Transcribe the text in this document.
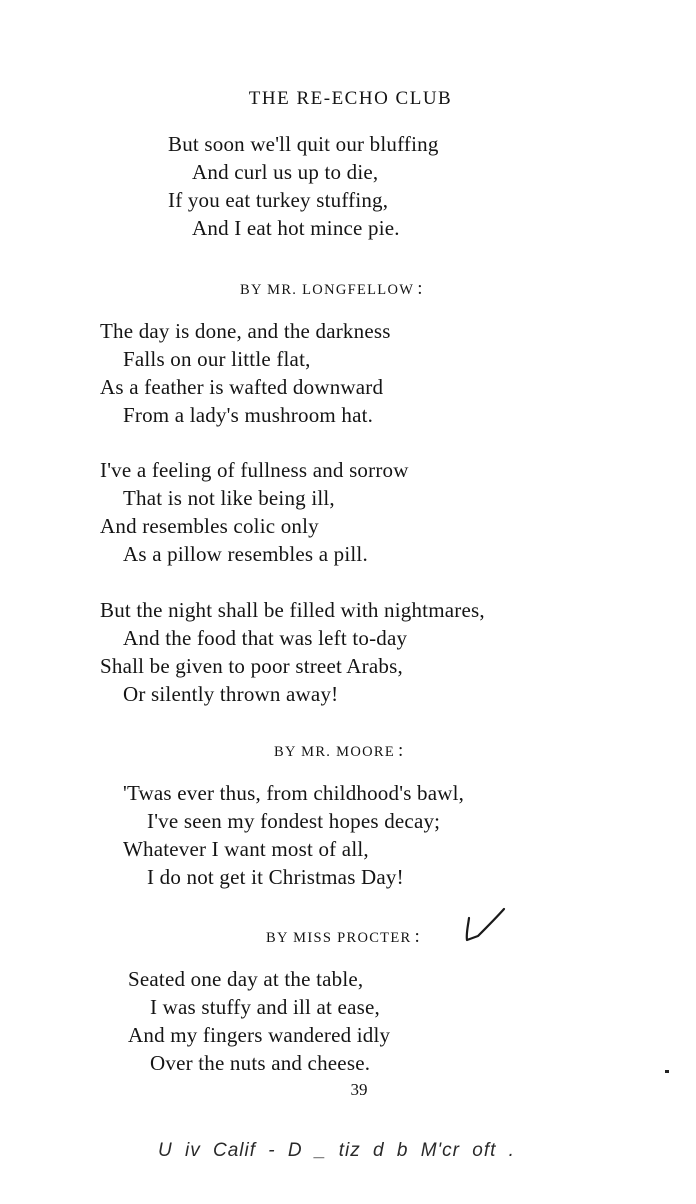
THE RE-ECHO CLUB
But soon we'll quit our bluffing
And curl us up to die,
If you eat turkey stuffing,
And I eat hot mince pie.
BY MR. LONGFELLOW :
The day is done, and the darkness
Falls on our little flat,
As a feather is wafted downward
From a lady's mushroom hat.
I've a feeling of fullness and sorrow
That is not like being ill,
And resembles colic only
As a pillow resembles a pill.
But the night shall be filled with nightmares,
And the food that was left to-day
Shall be given to poor street Arabs,
Or silently thrown away!
BY MR. MOORE :
'Twas ever thus, from childhood's bawl,
I've seen my fondest hopes decay;
Whatever I want most of all,
I do not get it Christmas Day!
BY MISS PROCTER :
Seated one day at the table,
I was stuffy and ill at ease,
And my fingers wandered idly
Over the nuts and cheese.
39
U iv Calif - D _ tiz d b M'cr oft .
